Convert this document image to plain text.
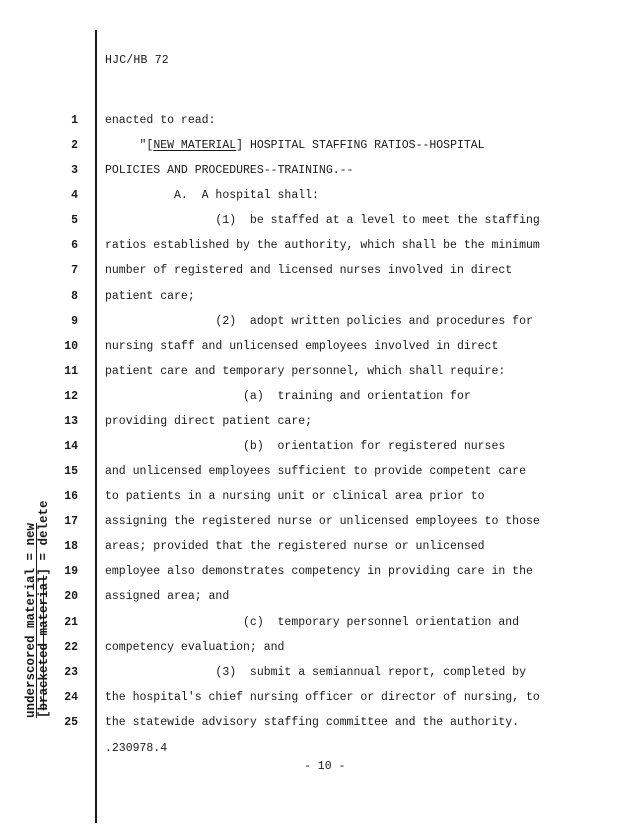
underscored material = new [bracketed material] = delete
HJC/HB 72
1 enacted to read:
2 "[NEW MATERIAL] HOSPITAL STAFFING RATIOS--HOSPITAL
3 POLICIES AND PROCEDURES--TRAINING.--
4 A.  A hospital shall:
5 (1)  be staffed at a level to meet the staffing
6 ratios established by the authority, which shall be the minimum
7 number of registered and licensed nurses involved in direct
8 patient care;
9 (2)  adopt written policies and procedures for
10 nursing staff and unlicensed employees involved in direct
11 patient care and temporary personnel, which shall require:
12 (a)  training and orientation for
13 providing direct patient care;
14 (b)  orientation for registered nurses
15 and unlicensed employees sufficient to provide competent care
16 to patients in a nursing unit or clinical area prior to
17 assigning the registered nurse or unlicensed employees to those
18 areas; provided that the registered nurse or unlicensed
19 employee also demonstrates competency in providing care in the
20 assigned area; and
21 (c)  temporary personnel orientation and
22 competency evaluation; and
23 (3)  submit a semiannual report, completed by
24 the hospital's chief nursing officer or director of nursing, to
25 the statewide advisory staffing committee and the authority.
.230978.4
- 10 -
